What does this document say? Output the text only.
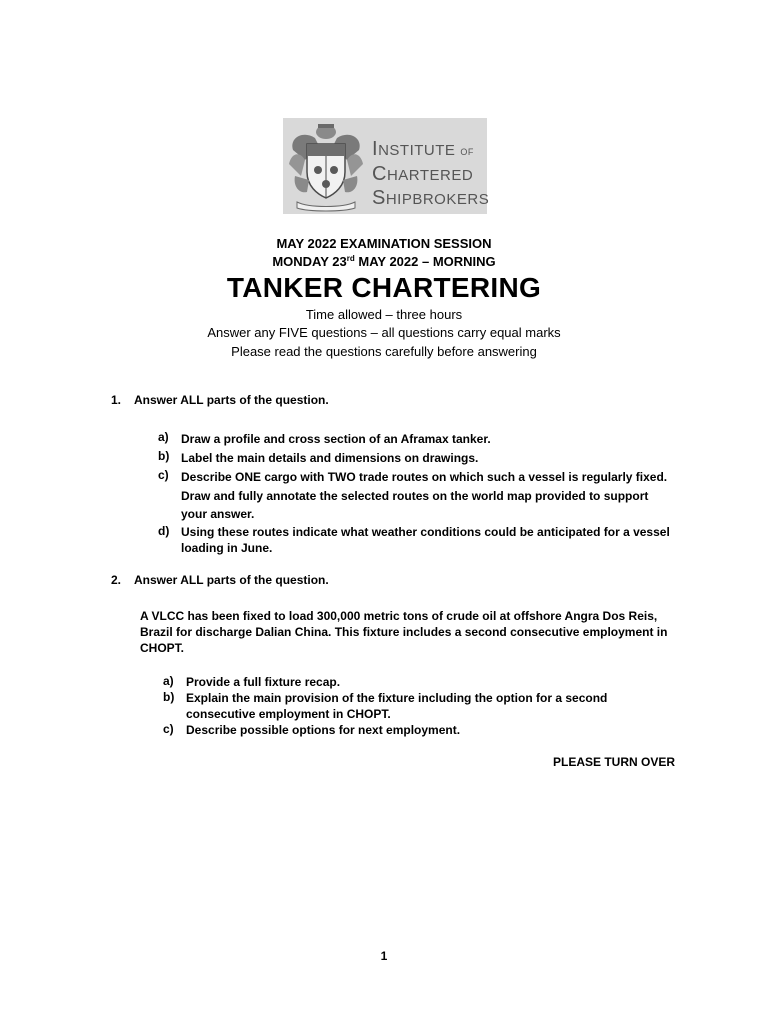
INSTITUTE OF
CHARTERED
SHIPBROKERS
MAY 2022 EXAMINATION SESSION
MONDAY 23rd MAY 2022 – MORNING
TANKER CHARTERING
Time allowed – three hours
Answer any FIVE questions – all questions carry equal marks
Please read the questions carefully before answering
1. Answer ALL parts of the question.
a) Draw a profile and cross section of an Aframax tanker.
b) Label the main details and dimensions on drawings.
c) Describe ONE cargo with TWO trade routes on which such a vessel is regularly fixed.
Draw and fully annotate the selected routes on the world map provided to support
your answer.
d) Using these routes indicate what weather conditions could be anticipated for a vessel
loading in June.
2. Answer ALL parts of the question.
A VLCC has been fixed to load 300,000 metric tons of crude oil at offshore Angra Dos Reis,
Brazil for discharge Dalian China. This fixture includes a second consecutive employment in
CHOPT.
a) Provide a full fixture recap.
b) Explain the main provision of the fixture including the option for a second
consecutive employment in CHOPT.
c) Describe possible options for next employment.
PLEASE TURN OVER
1
